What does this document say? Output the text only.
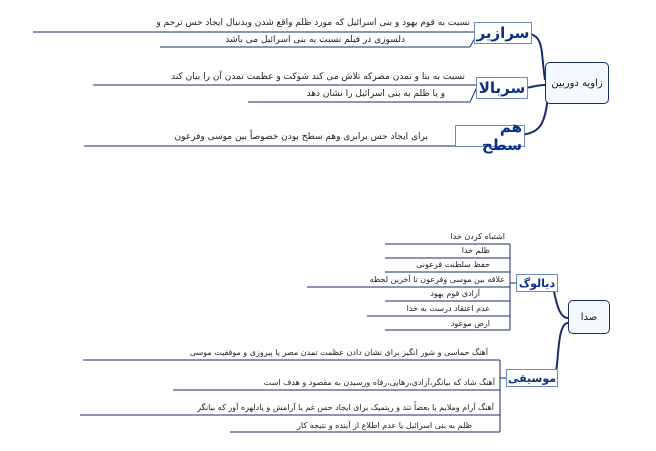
زاویه دوربین
سرازیر
نسبت به قوم یهود و بنی اسرائیل که مورد ظلم واقع شدن وبدنبال ایجاد حس ترحم و
دلسوزی در فیلم نسبت به بنی اسرائیل می باشد
سربالا
نسبت به بنا و تمدن مصرکه تلاش می کند شوکت و عظمت تمدن آن را بیان کند
و یا ظلم به بنی اسرائیل را نشان دهد
هم سطح
برای ایجاد حس برابری وهم سطح بودن خصوصاً بین موسی وفرعون
صدا
دیالوگ
اشتباه کردن خدا
ظلم خدا
حفظ سلطنت فرعونی
علاقه بین موسی وفرعون تا آخرین لحظه
آزادی قوم یهود
عدم اعتقاد درست به خدا
ارض موعود
موسیقی
آهنگ حماسی و شور انگیز برای نشان دادن عظمت تمدن مصر یا پیروزی و موفقیت موسی
آهنگ شاد که بیانگر،آزادی،رهایی،رفاه ورسیدن به مقصود و هدف است
آهنگ آرام وملایم یا بعضاً تند و ریتمیک برای ایجاد حس غم یا آرامش و یادلهره آور که بیانگر
ظلم به بنی اسرائیل یا عدم اطلاع از آینده و نتیجه کار
